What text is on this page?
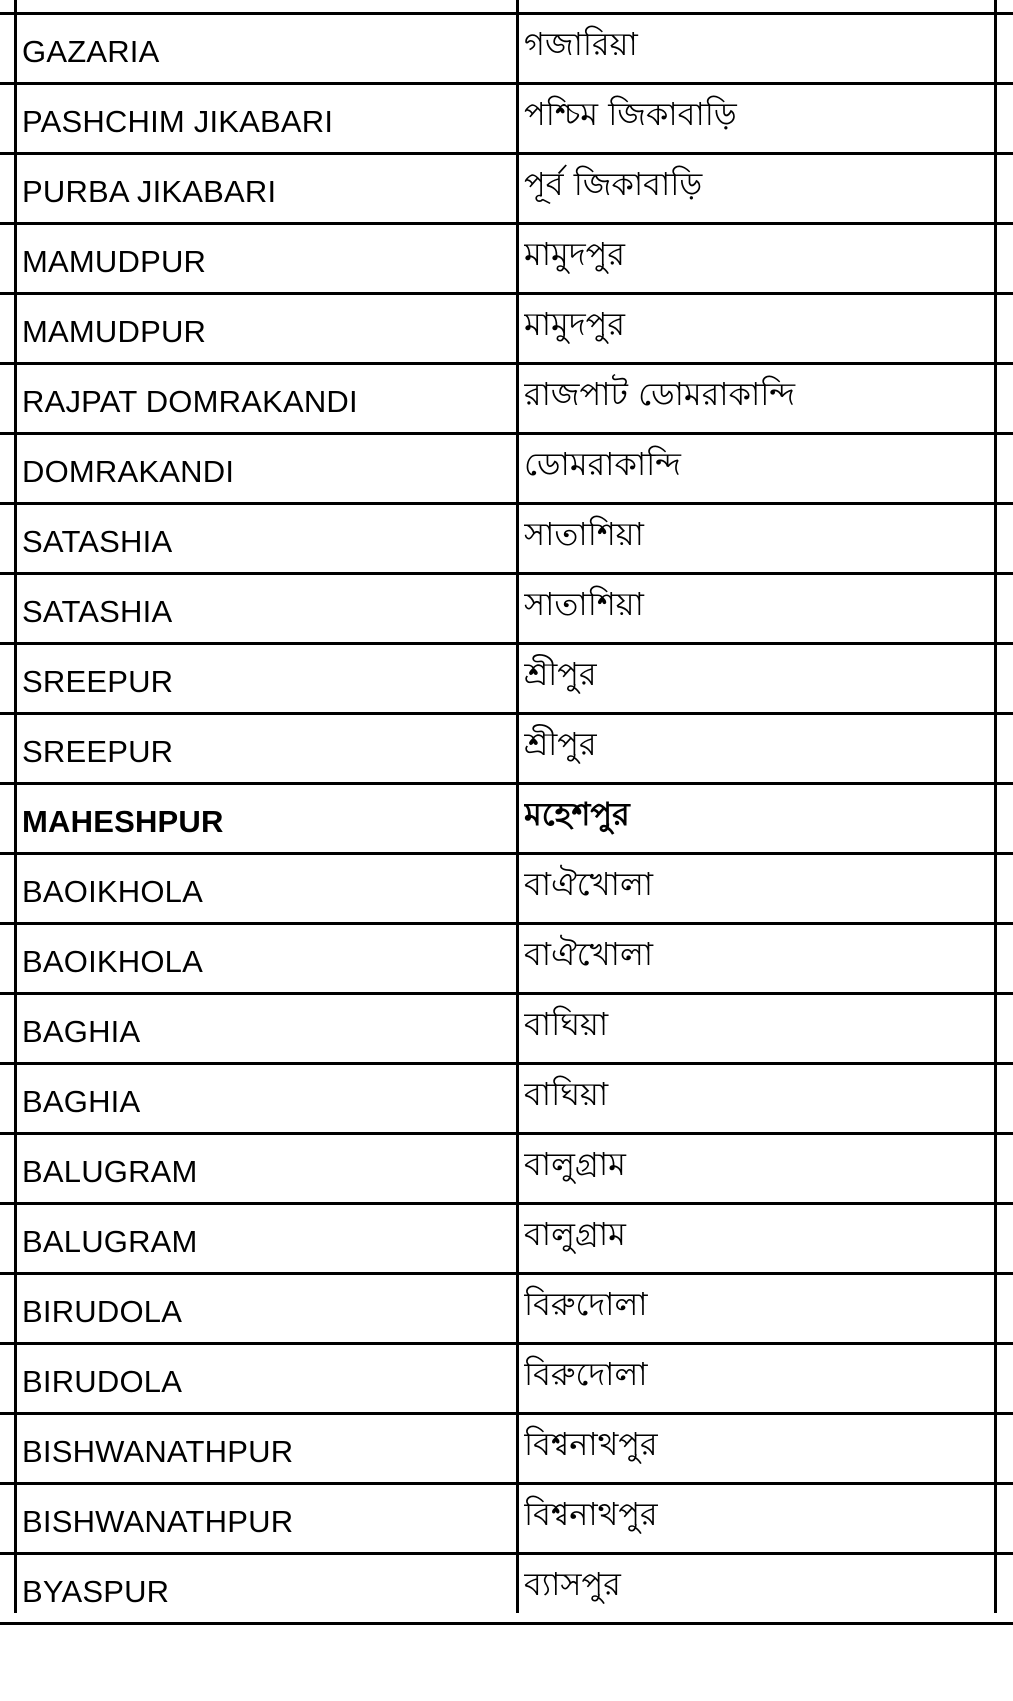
GAZARIA	গজারিয়া
PASHCHIM JIKABARI	পশ্চিম জিকাবাড়ি
PURBA JIKABARI	পূর্ব জিকাবাড়ি
MAMUDPUR	মামুদপুর
MAMUDPUR	মামুদপুর
RAJPAT DOMRAKANDI	রাজপাট ডোমরাকান্দি
DOMRAKANDI	ডোমরাকান্দি
SATASHIA	সাতাশিয়া
SATASHIA	সাতাশিয়া
SREEPUR	শ্রীপুর
SREEPUR	শ্রীপুর
MAHESHPUR	মহেশপুর
BAOIKHOLA	বাঐখোলা
BAOIKHOLA	বাঐখোলা
BAGHIA	বাঘিয়া
BAGHIA	বাঘিয়া
BALUGRAM	বালুগ্রাম
BALUGRAM	বালুগ্রাম
BIRUDOLA	বিরুদোলা
BIRUDOLA	বিরুদোলা
BISHWANATHPUR	বিশ্বনাথপুর
BISHWANATHPUR	বিশ্বনাথপুর
BYASPUR	ব্যাসপুর
